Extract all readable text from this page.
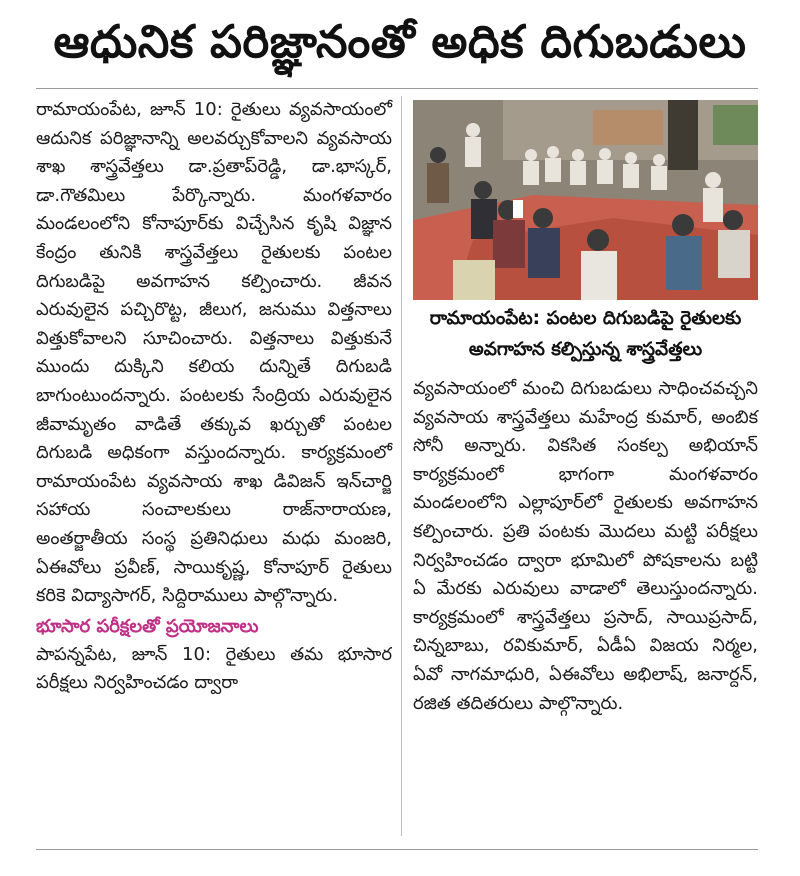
ఆధునిక పరిజ్ఞానంతో అధిక దిగుబడులు

రామాయంపేట, జూన్ 10: రైతులు వ్యవసాయంలో ఆదునిక పరిజ్ఞానాన్ని అలవర్చుకోవాలని వ్యవసాయ శాఖ శాస్త్రవేత్తలు డా.ప్రతాప్‌రెడ్డి, డా.భాస్కర్, డా.గౌతమిలు పేర్కొన్నారు. మంగళవారం మండలంలోని కోనాపూర్‌కు విచ్చేసిన కృషి విజ్ఞాన కేంద్రం తునికి శాస్త్రవేత్తలు రైతులకు పంటల దిగుబడిపై అవగాహన కల్పించారు. జీవన ఎరువులైన పచ్చిరొట్ట, జీలుగ, జనుము విత్తనాలు విత్తుకోవాలని సూచించారు. విత్తనాలు విత్తుకునే ముందు దుక్కిని కలియ దున్నితే దిగుబడి బాగుంటుందన్నారు. పంటలకు సేంద్రియ ఎరువులైన జీవామృతం వాడితే తక్కువ ఖర్చుతో పంటల దిగుబడి అధికంగా వస్తుందన్నారు. కార్యక్రమంలో రామాయంపేట వ్యవసాయ శాఖ డివిజన్ ఇన్‌చార్జి సహాయ సంచాలకులు రాజ్‌నారాయణ, అంతర్జాతీయ సంస్థ ప్రతినిధులు మధు మంజరి, ఏఈవోలు ప్రవీణ్, సాయికృష్ణ, కోనాపూర్ రైతులు కరికె విద్యాసాగర్, సిద్దిరాములు పాల్గొన్నారు.

భూసార పరీక్షలతో ప్రయోజనాలు

పాపన్నపేట, జూన్ 10: రైతులు తమ భూసార పరీక్షలు నిర్వహించడం ద్వారా

రామాయంపేట: పంటల దిగుబడిపై రైతులకు
అవగాహన కల్పిస్తున్న శాస్త్రవేత్తలు

వ్యవసాయంలో మంచి దిగుబడులు సాధించవచ్చని వ్యవసాయ శాస్త్రవేత్తలు మహేంద్ర కుమార్, అంబిక సోనీ అన్నారు. వికసిత సంకల్ప అభియాన్ కార్యక్రమంలో భాగంగా మంగళవారం మండలంలోని ఎల్లాపూర్‌లో రైతులకు అవగాహన కల్పించారు. ప్రతి పంటకు మొదలు మట్టి పరీక్షలు నిర్వహించడం ద్వారా భూమిలో పోషకాలను బట్టి ఏ మేరకు ఎరువులు వాడాలో తెలుస్తుందన్నారు. కార్యక్రమంలో శాస్త్రవేత్తలు ప్రసాద్, సాయిప్రసాద్, చిన్నబాబు, రవికుమార్, ఏడీఏ విజయ నిర్మల, ఏవో నాగమాధురి, ఏఈవోలు అభిలాష్, జనార్దన్, రజిత తదితరులు పాల్గొన్నారు.
